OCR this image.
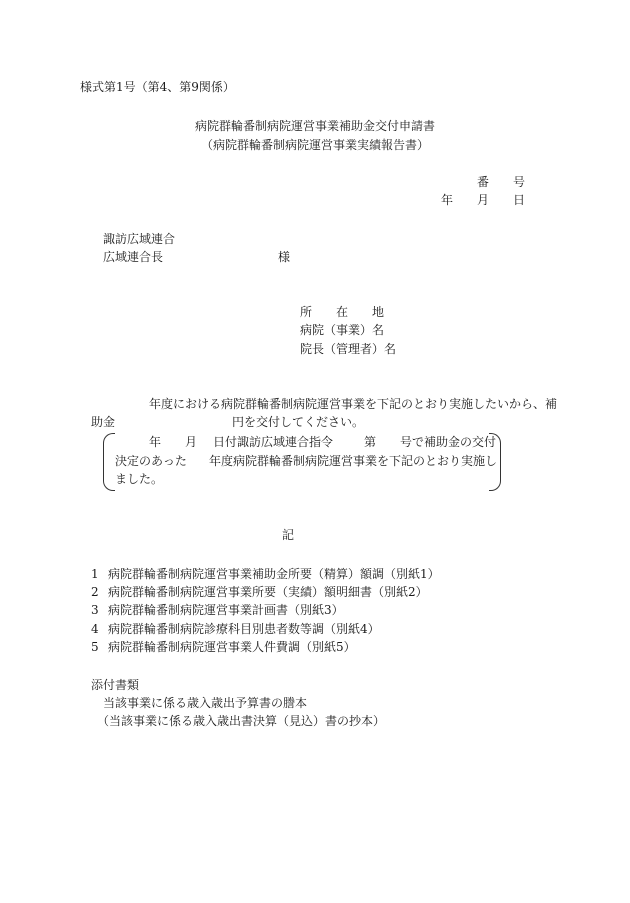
様式第1号（第4、第9関係）
病院群輪番制病院運営事業補助金交付申請書
（病院群輪番制病院運営事業実績報告書）
番　　号
年　　月　　日
諏訪広域連合
広域連合長	様
所　　在　　地
病院（事業）名
院長（管理者）名
年度における病院群輪番制病院運営事業を下記のとおり実施したいから、補
助金	円を交付してください。
年　　月 日付諏訪広域連合指令	第 号で補助金の交付
決定のあった 年度病院群輪番制病院運営事業を下記のとおり実施し
ました。
記
1 病院群輪番制病院運営事業補助金所要（精算）額調（別紙1）
2 病院群輪番制病院運営事業所要（実績）額明細書（別紙2）
3 病院群輪番制病院運営事業計画書（別紙3）
4 病院群輪番制病院診療科目別患者数等調（別紙4）
5 病院群輪番制病院運営事業人件費調（別紙5）
添付書類
当該事業に係る歳入歳出予算書の謄本
（当該事業に係る歳入歳出書決算（見込）書の抄本）
